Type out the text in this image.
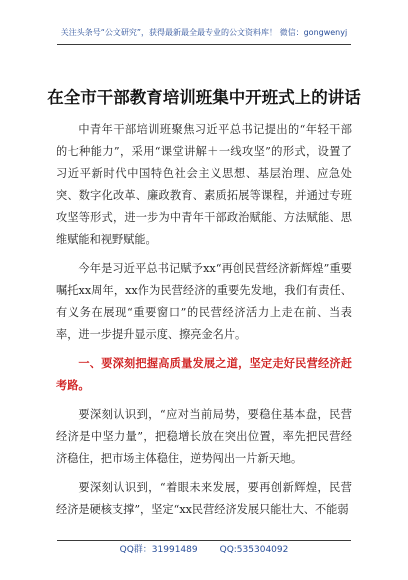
关注头条号“公文研究”，获得最新最全最专业的公文资料库！ 微信：gongwenyj
在全市干部教育培训班集中开班式上的讲话

中青年干部培训班聚焦习近平总书记提出的“年轻干部的七种能力”，采用“课堂讲解＋一线攻坚”的形式，设置了习近平新时代中国特色社会主义思想、基层治理、应急处突、数字化改革、廉政教育、素质拓展等课程，并通过专班攻坚等形式，进一步为中青年干部政治赋能、方法赋能、思维赋能和视野赋能。

今年是习近平总书记赋予xx“再创民营经济新辉煌”重要嘱托xx周年，xx作为民营经济的重要先发地，我们有责任、有义务在展现“重要窗口”的民营经济活力上走在前、当表率，进一步提升显示度、擦亮金名片。

一、要深刻把握高质量发展之道，坚定走好民营经济赶考路。

要深刻认识到，“应对当前局势，要稳住基本盘，民营经济是中坚力量”，把稳增长放在突出位置，率先把民营经济稳住，把市场主体稳住，逆势闯出一片新天地。

要深刻认识到，“着眼未来发展，要再创新辉煌，民营经济是硬核支撑”，坚定“xx民营经济发展只能壮大、不能弱

QQ群：31991489 QQ:535304092
